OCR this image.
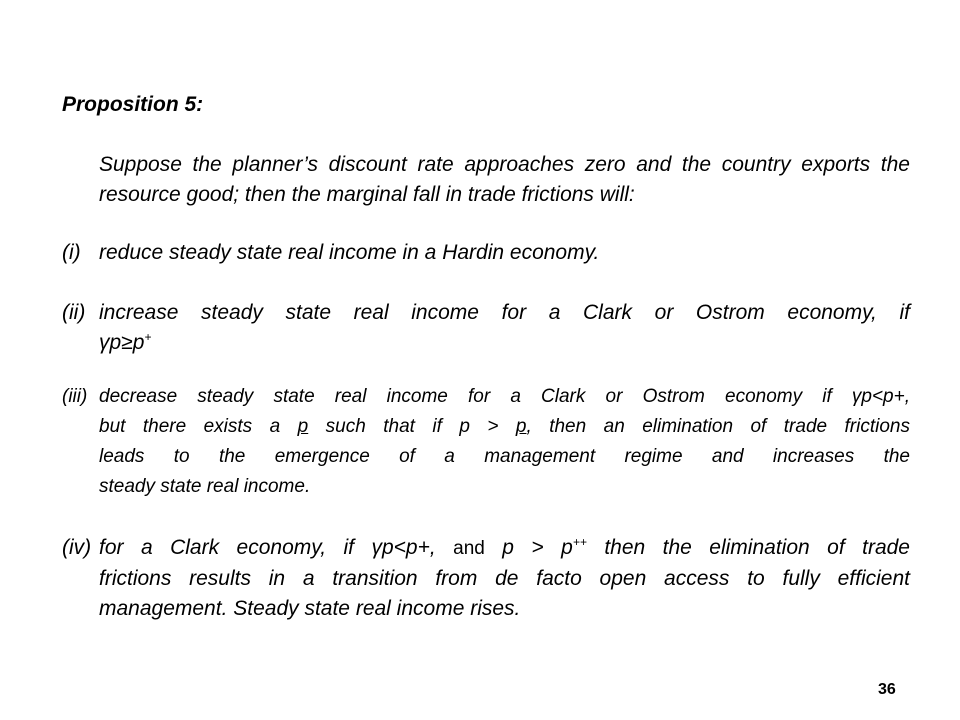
Proposition 5:
Suppose the planner’s discount rate approaches zero and the country exports the resource good; then the marginal fall in trade frictions will:
(i) reduce steady state real income in a Hardin economy.
(ii) increase steady state real income for a Clark or Ostrom economy, if
γp≥p+
(iii) decrease steady state real income for a Clark or Ostrom economy if γp<p+,
but there exists a p such that if p > p, then an elimination of trade frictions
leads to the emergence of a management regime and increases the
steady state real income.
(iv) for a Clark economy, if γp<p+, and p > p++ then the elimination of trade
frictions results in a transition from de facto open access to fully efficient
management. Steady state real income rises.
36
